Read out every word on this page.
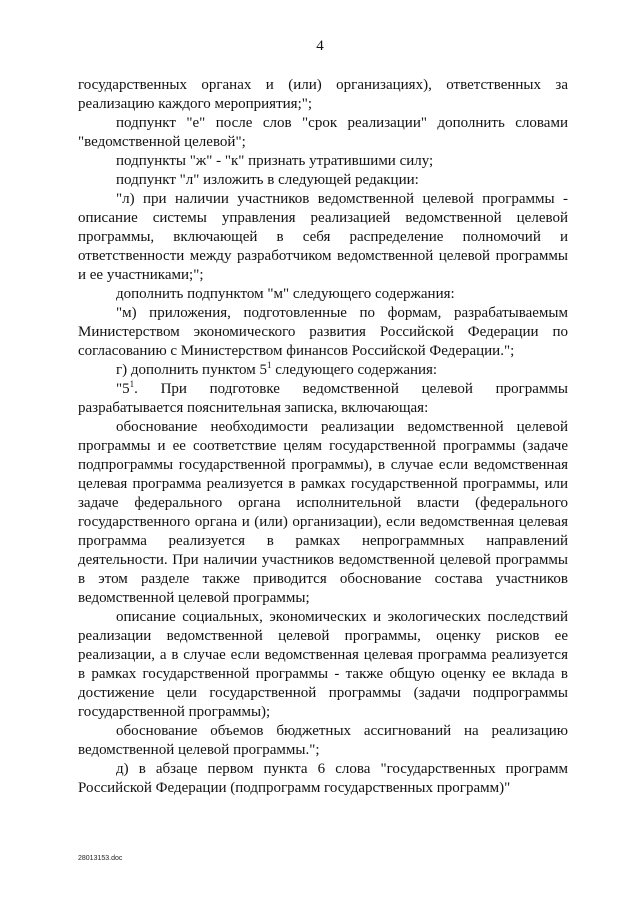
4

государственных органах и (или) организациях), ответственных за реализацию каждого мероприятия;";

подпункт "е" после слов "срок реализации" дополнить словами "ведомственной целевой";

подпункты "ж" - "к" признать утратившими силу;

подпункт "л" изложить в следующей редакции:

"л) при наличии участников ведомственной целевой программы - описание системы управления реализацией ведомственной целевой программы, включающей в себя распределение полномочий и ответственности между разработчиком ведомственной целевой программы и ее участниками;";

дополнить подпунктом "м" следующего содержания:

"м) приложения, подготовленные по формам, разрабатываемым Министерством экономического развития Российской Федерации по согласованию с Министерством финансов Российской Федерации.";

г) дополнить пунктом $5^1$ следующего содержания:

"$5^1$. При подготовке ведомственной целевой программы разрабатывается пояснительная записка, включающая:

обоснование необходимости реализации ведомственной целевой программы и ее соответствие целям государственной программы (задаче подпрограммы государственной программы), в случае если ведомственная целевая программа реализуется в рамках государственной программы, или задаче федерального органа исполнительной власти (федерального государственного органа и (или) организации), если ведомственная целевая программа реализуется в рамках непрограммных направлений деятельности. При наличии участников ведомственной целевой программы в этом разделе также приводится обоснование состава участников ведомственной целевой программы;

описание социальных, экономических и экологических последствий реализации ведомственной целевой программы, оценку рисков ее реализации, а в случае если ведомственная целевая программа реализуется в рамках государственной программы - также общую оценку ее вклада в достижение цели государственной программы (задачи подпрограммы государственной программы);

обоснование объемов бюджетных ассигнований на реализацию ведомственной целевой программы.";

д) в абзаце первом пункта 6 слова "государственных программ Российской Федерации (подпрограмм государственных программ)"

28013153.doc
